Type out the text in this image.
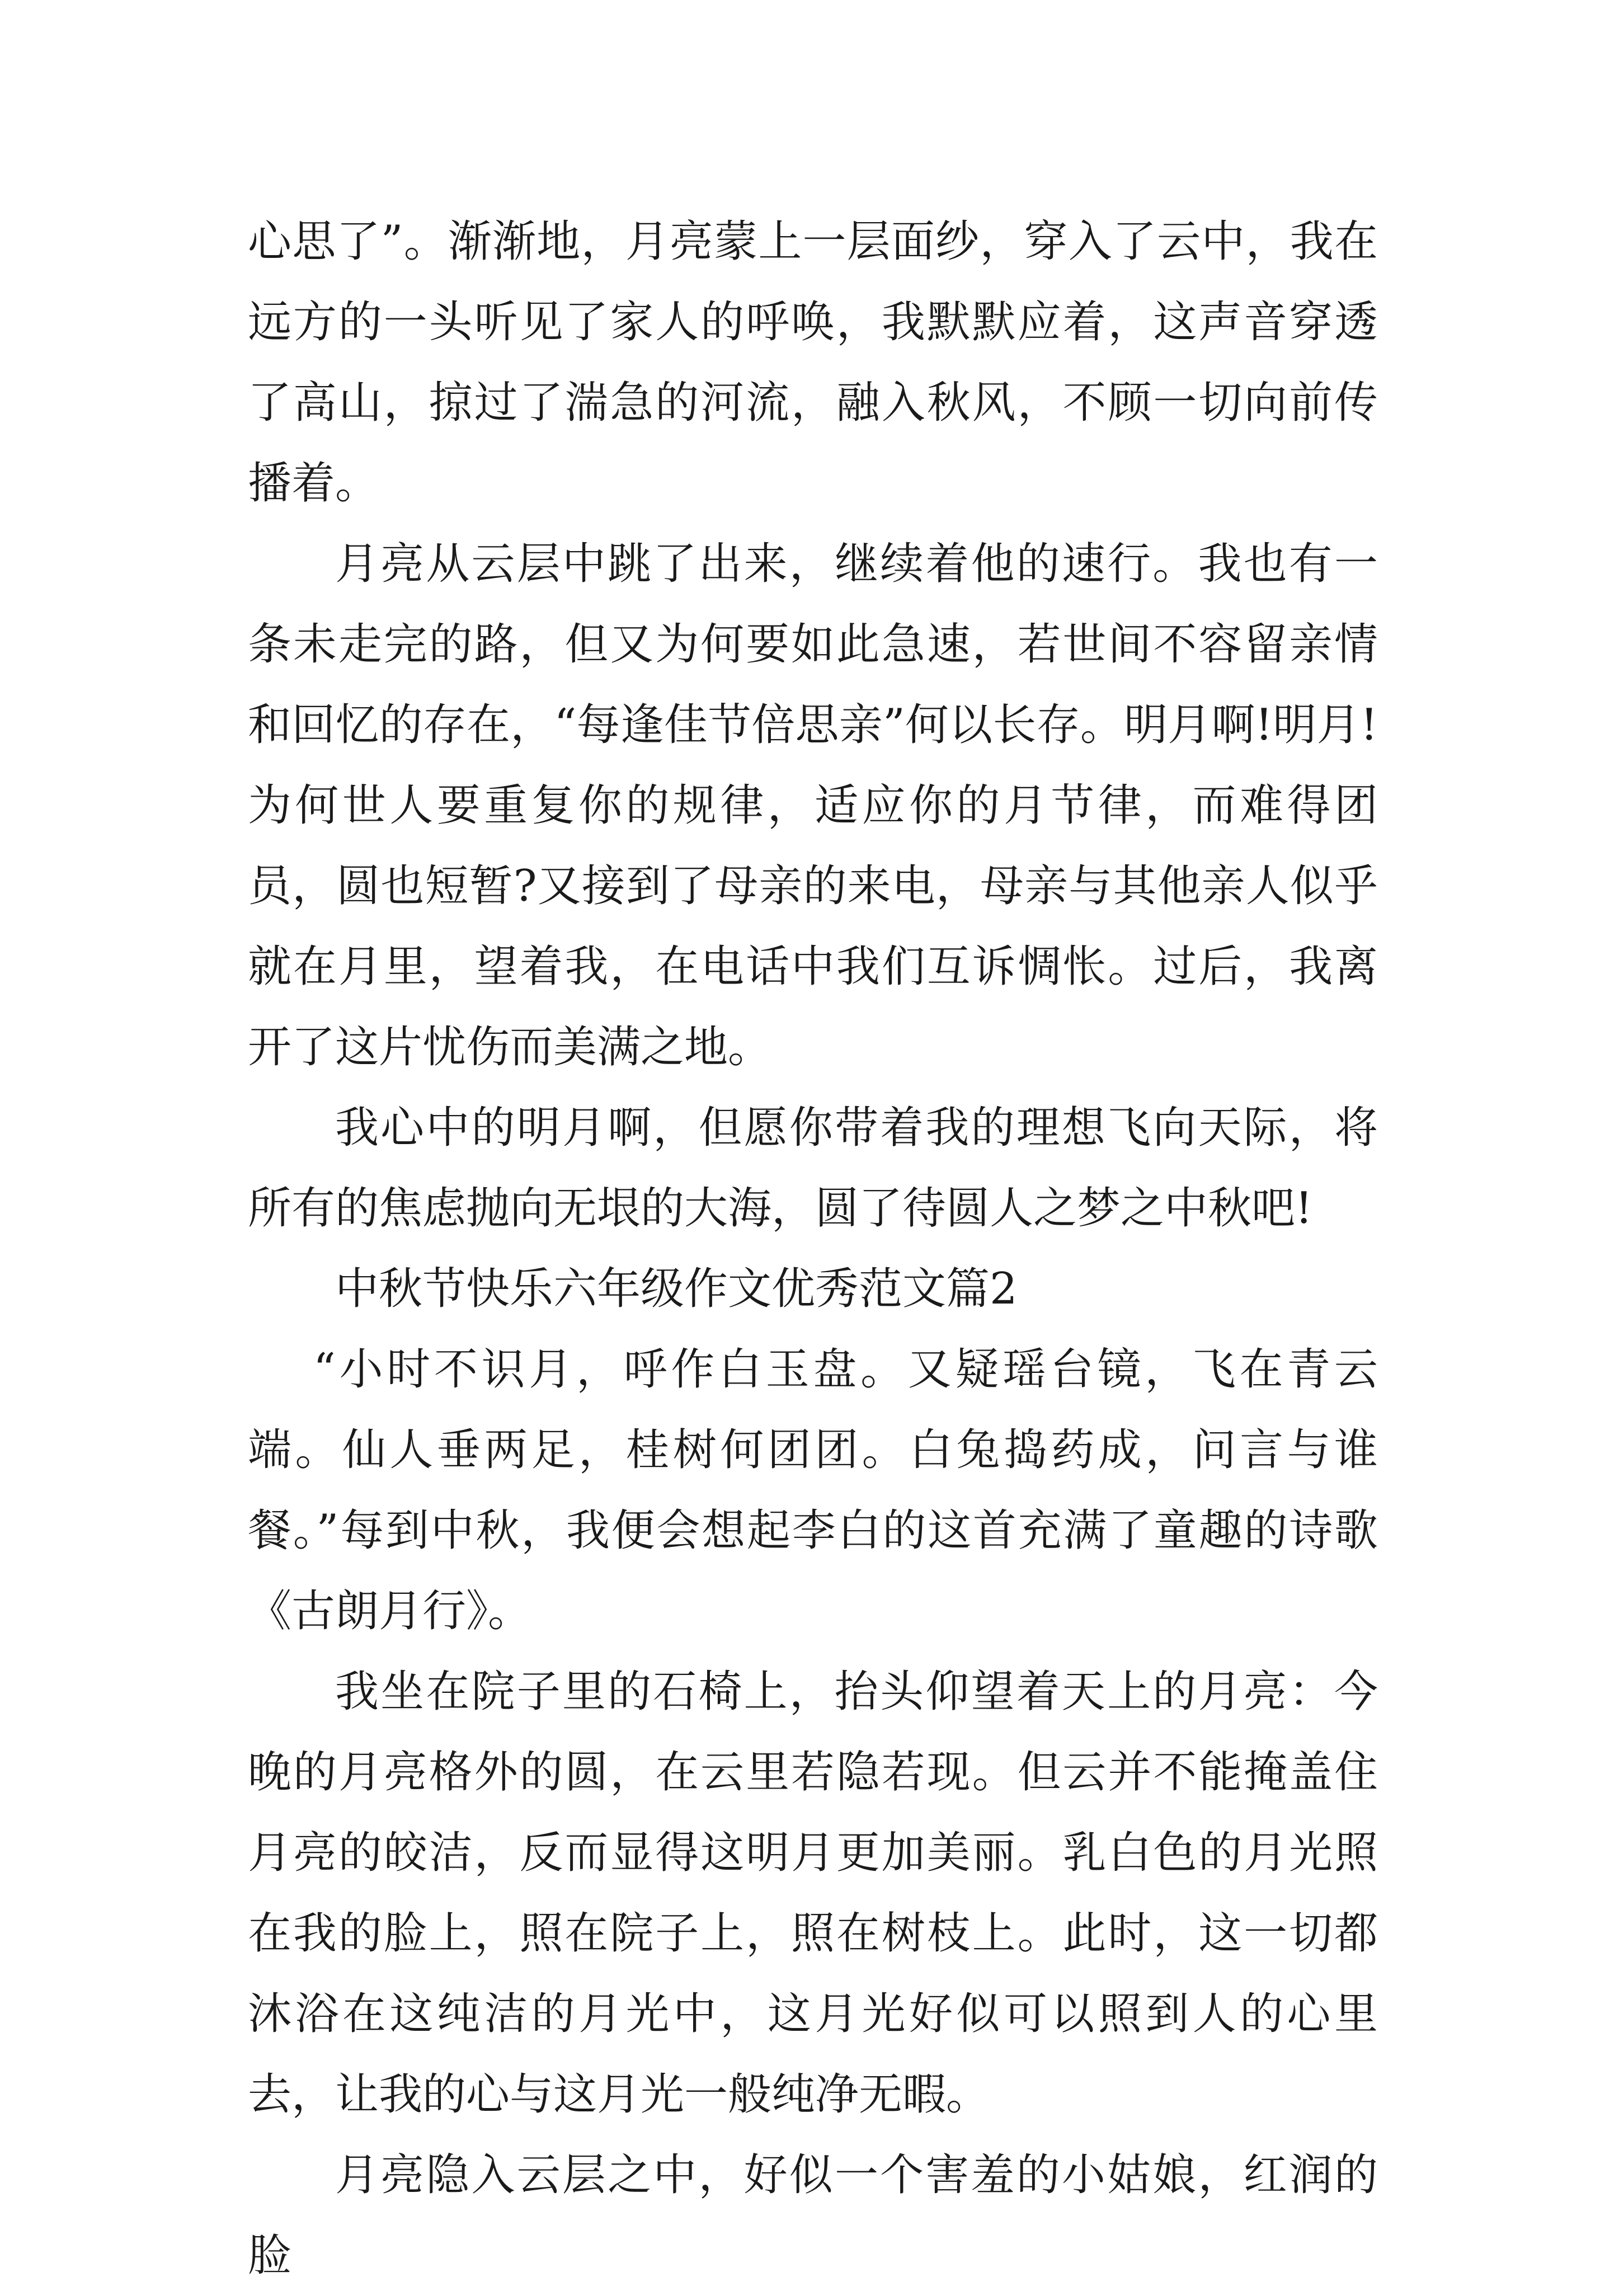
心思了”。渐渐地，月亮蒙上一层面纱，穿入了云中，我在远方的一头听见了家人的呼唤，我默默应着，这声音穿透了高山，掠过了湍急的河流，融入秋风，不顾一切向前传播着。

月亮从云层中跳了出来，继续着他的速行。我也有一条未走完的路，但又为何要如此急速，若世间不容留亲情和回忆的存在，“每逢佳节倍思亲”何以长存。明月啊!明月!为何世人要重复你的规律，适应你的月节律，而难得团员，圆也短暂?又接到了母亲的来电，母亲与其他亲人似乎就在月里，望着我，在电话中我们互诉惆怅。过后，我离开了这片忧伤而美满之地。

我心中的明月啊，但愿你带着我的理想飞向天际，将所有的焦虑抛向无垠的大海，圆了待圆人之梦之中秋吧!

中秋节快乐六年级作文优秀范文篇2

“小时不识月，呼作白玉盘。又疑瑶台镜，飞在青云端。仙人垂两足，桂树何团团。白兔捣药成，问言与谁餐。”每到中秋，我便会想起李白的这首充满了童趣的诗歌《古朗月行》。

我坐在院子里的石椅上，抬头仰望着天上的月亮：今晚的月亮格外的圆，在云里若隐若现。但云并不能掩盖住月亮的皎洁，反而显得这明月更加美丽。乳白色的月光照在我的脸上，照在院子上，照在树枝上。此时，这一切都沐浴在这纯洁的月光中，这月光好似可以照到人的心里去，让我的心与这月光一般纯净无暇。

月亮隐入云层之中，好似一个害羞的小姑娘，红润的脸
